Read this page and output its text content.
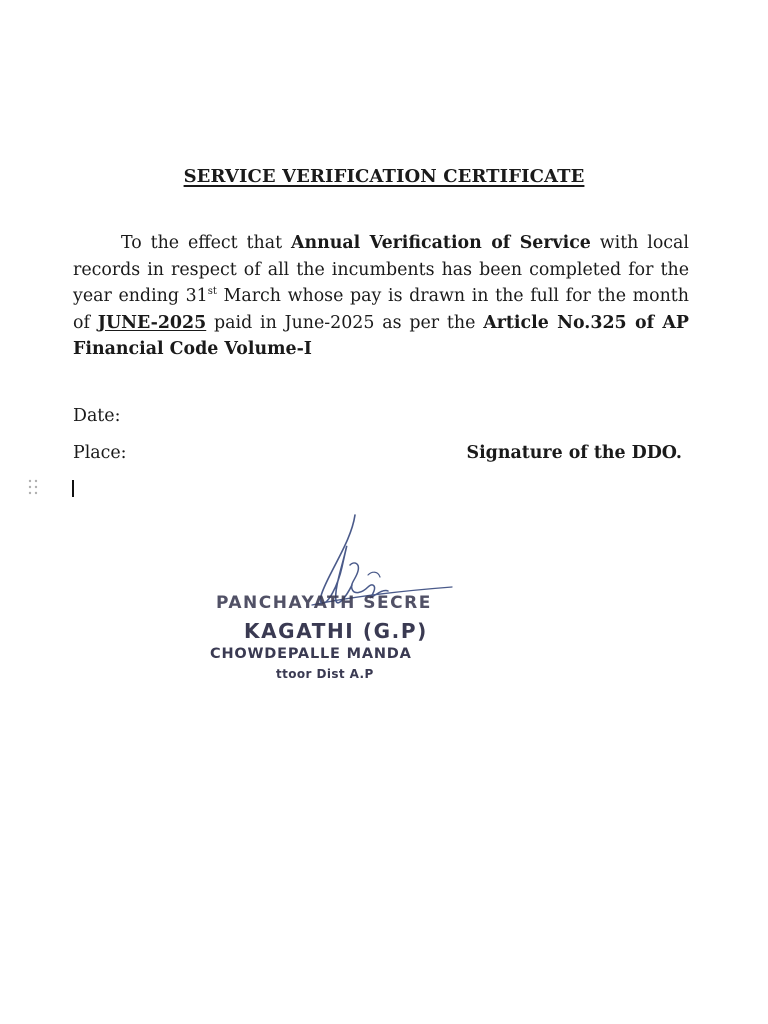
SERVICE VERIFICATION CERTIFICATE
To the effect that Annual Verification of Service with local records in respect of all the incumbents has been completed for the year ending 31st March whose pay is drawn in the full for the month of JUNE-2025 paid in June-2025 as per the Article No.325 of AP Financial Code Volume-I
Date:
Place:	Signature of the DDO.
PANCHAYATH SECRE
KAGATHI (G.P)
CHOWDEPALLE MANDA
ttoor Dist A.P
